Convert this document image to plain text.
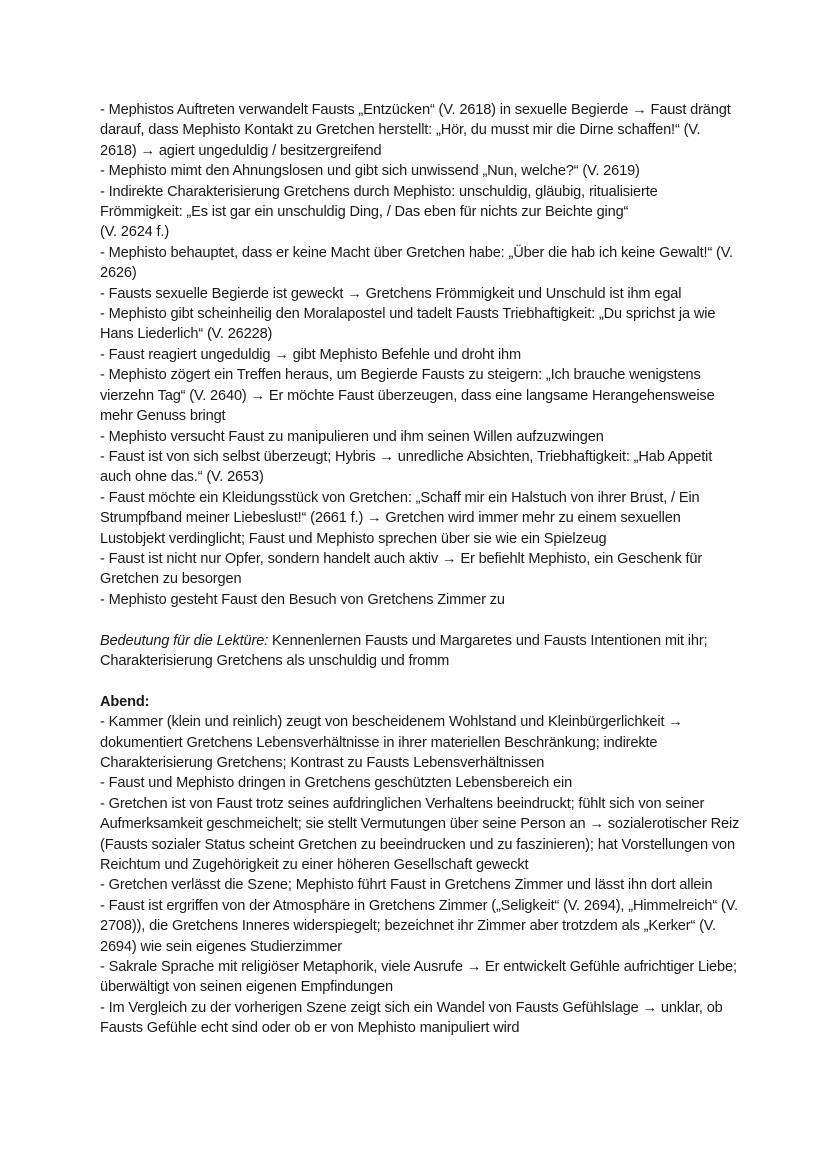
- Mephistos Auftreten verwandelt Fausts „Entzücken“ (V. 2618) in sexuelle Begierde → Faust drängt darauf, dass Mephisto Kontakt zu Gretchen herstellt: „Hör, du musst mir die Dirne schaffen!“ (V. 2618) → agiert ungeduldig / besitzergreifend

- Mephisto mimt den Ahnungslosen und gibt sich unwissend „Nun, welche?“ (V. 2619)

- Indirekte Charakterisierung Gretchens durch Mephisto: unschuldig, gläubig, ritualisierte Frömmigkeit: „Es ist gar ein unschuldig Ding, / Das eben für nichts zur Beichte ging“

(V. 2624 f.)

- Mephisto behauptet, dass er keine Macht über Gretchen habe: „Über die hab ich keine Gewalt!“ (V. 2626)

- Fausts sexuelle Begierde ist geweckt → Gretchens Frömmigkeit und Unschuld ist ihm egal

- Mephisto gibt scheinheilig den Moralapostel und tadelt Fausts Triebhaftigkeit: „Du sprichst ja wie Hans Liederlich“ (V. 26228)

- Faust reagiert ungeduldig → gibt Mephisto Befehle und droht ihm

- Mephisto zögert ein Treffen heraus, um Begierde Fausts zu steigern: „Ich brauche wenigstens vierzehn Tag“ (V. 2640) → Er möchte Faust überzeugen, dass eine langsame Herangehensweise mehr Genuss bringt

- Mephisto versucht Faust zu manipulieren und ihm seinen Willen aufzuzwingen

- Faust ist von sich selbst überzeugt; Hybris → unredliche Absichten, Triebhaftigkeit: „Hab Appetit auch ohne das.“ (V. 2653)

- Faust möchte ein Kleidungsstück von Gretchen: „Schaff mir ein Halstuch von ihrer Brust, / Ein Strumpfband meiner Liebeslust!“ (2661 f.) → Gretchen wird immer mehr zu einem sexuellen Lustobjekt verdinglicht; Faust und Mephisto sprechen über sie wie ein Spielzeug

- Faust ist nicht nur Opfer, sondern handelt auch aktiv → Er befiehlt Mephisto, ein Geschenk für Gretchen zu besorgen

- Mephisto gesteht Faust den Besuch von Gretchens Zimmer zu

Bedeutung für die Lektüre: Kennenlernen Fausts und Margaretes und Fausts Intentionen mit ihr; Charakterisierung Gretchens als unschuldig und fromm

Abend:

- Kammer (klein und reinlich) zeugt von bescheidenem Wohlstand und Kleinbürgerlichkeit → dokumentiert Gretchens Lebensverhältnisse in ihrer materiellen Beschränkung; indirekte Charakterisierung Gretchens; Kontrast zu Fausts Lebensverhältnissen

- Faust und Mephisto dringen in Gretchens geschützten Lebensbereich ein

- Gretchen ist von Faust trotz seines aufdringlichen Verhaltens beeindruckt; fühlt sich von seiner Aufmerksamkeit geschmeichelt; sie stellt Vermutungen über seine Person an → sozialerotischer Reiz (Fausts sozialer Status scheint Gretchen zu beeindrucken und zu faszinieren); hat Vorstellungen von Reichtum und Zugehörigkeit zu einer höheren Gesellschaft geweckt

- Gretchen verlässt die Szene; Mephisto führt Faust in Gretchens Zimmer und lässt ihn dort allein

- Faust ist ergriffen von der Atmosphäre in Gretchens Zimmer („Seligkeit“ (V. 2694), „Himmelreich“ (V. 2708)), die Gretchens Inneres widerspiegelt; bezeichnet ihr Zimmer aber trotzdem als „Kerker“ (V. 2694) wie sein eigenes Studierzimmer

- Sakrale Sprache mit religiöser Metaphorik, viele Ausrufe → Er entwickelt Gefühle aufrichtiger Liebe; überwältigt von seinen eigenen Empfindungen

- Im Vergleich zu der vorherigen Szene zeigt sich ein Wandel von Fausts Gefühlslage → unklar, ob Fausts Gefühle echt sind oder ob er von Mephisto manipuliert wird
